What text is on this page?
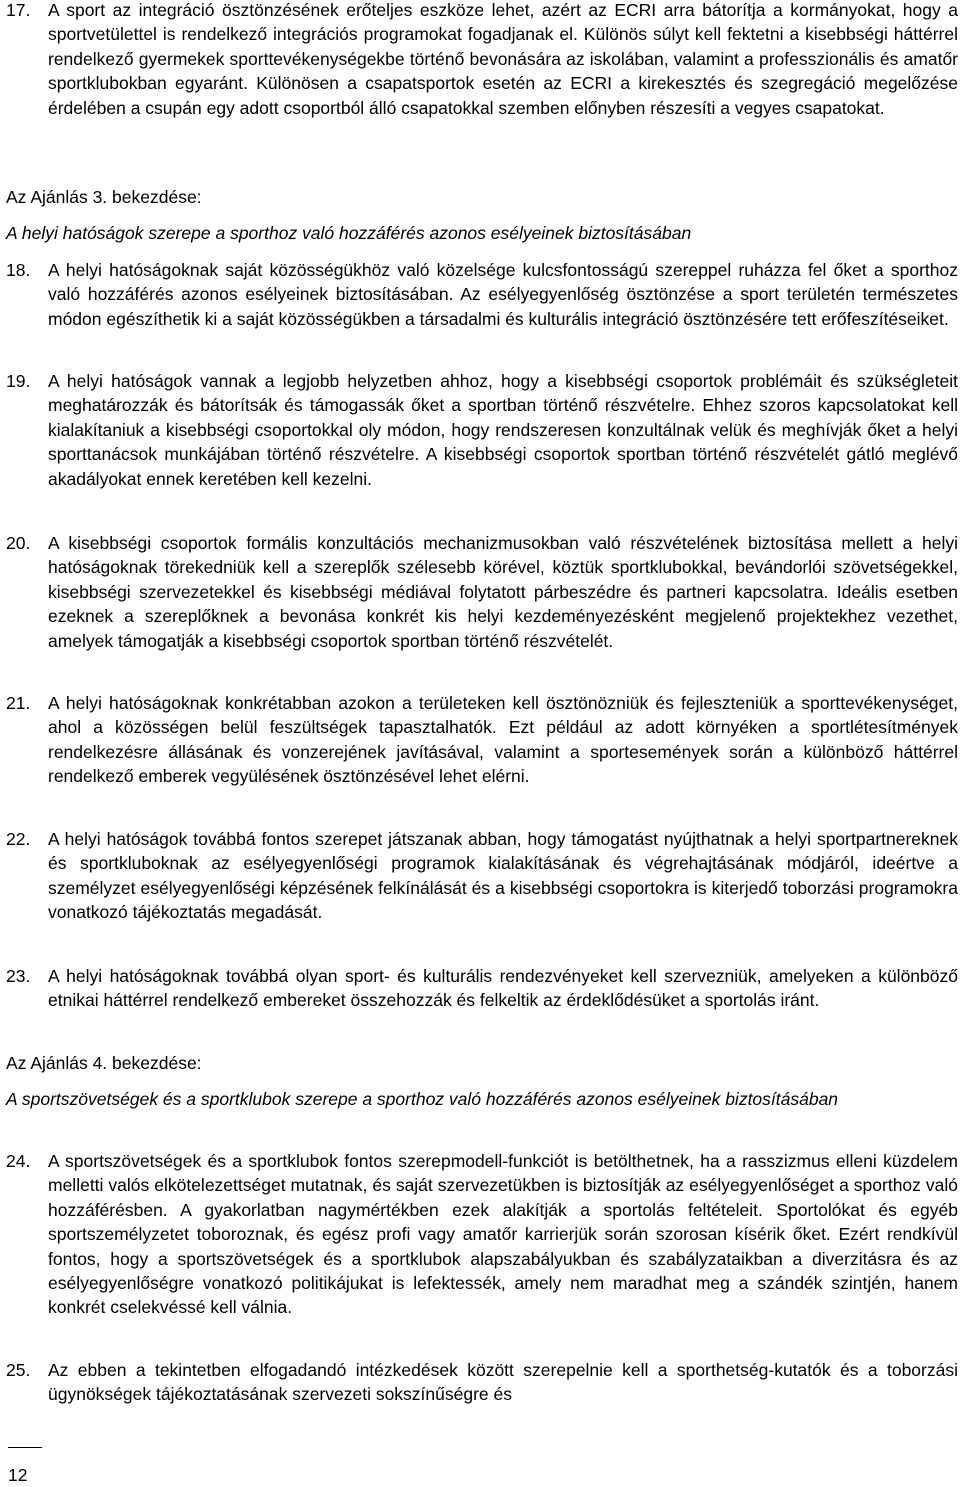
17. A sport az integráció ösztönzésének erőteljes eszköze lehet, azért az ECRI arra bátorítja a kormányokat, hogy a sportvetülettel is rendelkező integrációs programokat fogadjanak el. Különös súlyt kell fektetni a kisebbségi háttérrel rendelkező gyermekek sporttevékenységekbe történő bevonására az iskolában, valamint a professzionális és amatőr sportklubokban egyaránt. Különösen a csapatsportok esetén az ECRI a kirekesztés és szegregáció megelőzése érdelében a csupán egy adott csoportból álló csapatokkal szemben előnyben részesíti a vegyes csapatokat.

Az Ajánlás 3. bekezdése:

A helyi hatóságok szerepe a sporthoz való hozzáférés azonos esélyeinek biztosításában

18. A helyi hatóságoknak saját közösségükhöz való közelsége kulcsfontosságú szereppel ruházza fel őket a sporthoz való hozzáférés azonos esélyeinek biztosításában. Az esélyegyenlőség ösztönzése a sport területén természetes módon egészíthetik ki a saját közösségükben a társadalmi és kulturális integráció ösztönzésére tett erőfeszítéseiket.
19. A helyi hatóságok vannak a legjobb helyzetben ahhoz, hogy a kisebbségi csoportok problémáit és szükségleteit meghatározzák és bátorítsák és támogassák őket a sportban történő részvételre. Ehhez szoros kapcsolatokat kell kialakítaniuk a kisebbségi csoportokkal oly módon, hogy rendszeresen konzultálnak velük és meghívják őket a helyi sporttanácsok munkájában történő részvételre. A kisebbségi csoportok sportban történő részvételét gátló meglévő akadályokat ennek keretében kell kezelni.
20. A kisebbségi csoportok formális konzultációs mechanizmusokban való részvételének biztosítása mellett a helyi hatóságoknak törekedniük kell a szereplők szélesebb körével, köztük sportklubokkal, bevándorlói szövetségekkel, kisebbségi szervezetekkel és kisebbségi médiával folytatott párbeszédre és partneri kapcsolatra. Ideális esetben ezeknek a szereplőknek a bevonása konkrét kis helyi kezdeményezésként megjelenő projektekhez vezethet, amelyek támogatják a kisebbségi csoportok sportban történő részvételét.
21. A helyi hatóságoknak konkrétabban azokon a területeken kell ösztönözniük és fejleszteniük a sporttevékenységet, ahol a közösségen belül feszültségek tapasztalhatók. Ezt például az adott környéken a sportlétesítmények rendelkezésre állásának és vonzerejének javításával, valamint a sportesemények során a különböző háttérrel rendelkező emberek vegyülésének ösztönzésével lehet elérni.
22. A helyi hatóságok továbbá fontos szerepet játszanak abban, hogy támogatást nyújthatnak a helyi sportpartnereknek és sportkluboknak az esélyegyenlőségi programok kialakításának és végrehajtásának módjáról, ideértve a személyzet esélyegyenlőségi képzésének felkínálását és a kisebbségi csoportokra is kiterjedő toborzási programokra vonatkozó tájékoztatás megadását.
23. A helyi hatóságoknak továbbá olyan sport- és kulturális rendezvényeket kell szervezniük, amelyeken a különböző etnikai háttérrel rendelkező embereket összehozzák és felkeltik az érdeklődésüket a sportolás iránt.

Az Ajánlás 4. bekezdése:

A sportszövetségek és a sportklubok szerepe a sporthoz való hozzáférés azonos esélyeinek biztosításában

24. A sportszövetségek és a sportklubok fontos szerepmodell-funkciót is betölthetnek, ha a rasszizmus elleni küzdelem melletti valós elkötelezettséget mutatnak, és saját szervezetükben is biztosítják az esélyegyenlőséget a sporthoz való hozzáférésben. A gyakorlatban nagymértékben ezek alakítják a sportolás feltételeit. Sportolókat és egyéb sportszemélyzetet toboroznak, és egész profi vagy amatőr karrierjük során szorosan kísérik őket. Ezért rendkívül fontos, hogy a sportszövetségek és a sportklubok alapszabályukban és szabályzataikban a diverzitásra és az esélyegyenlőségre vonatkozó politikájukat is lefektessék, amely nem maradhat meg a szándék szintjén, hanem konkrét cselekvéssé kell válnia.
25. Az ebben a tekintetben elfogadandó intézkedések között szerepelnie kell a sporthetség-kutatók és a toborzási ügynökségek tájékoztatásának szervezeti sokszínűségre és
12
